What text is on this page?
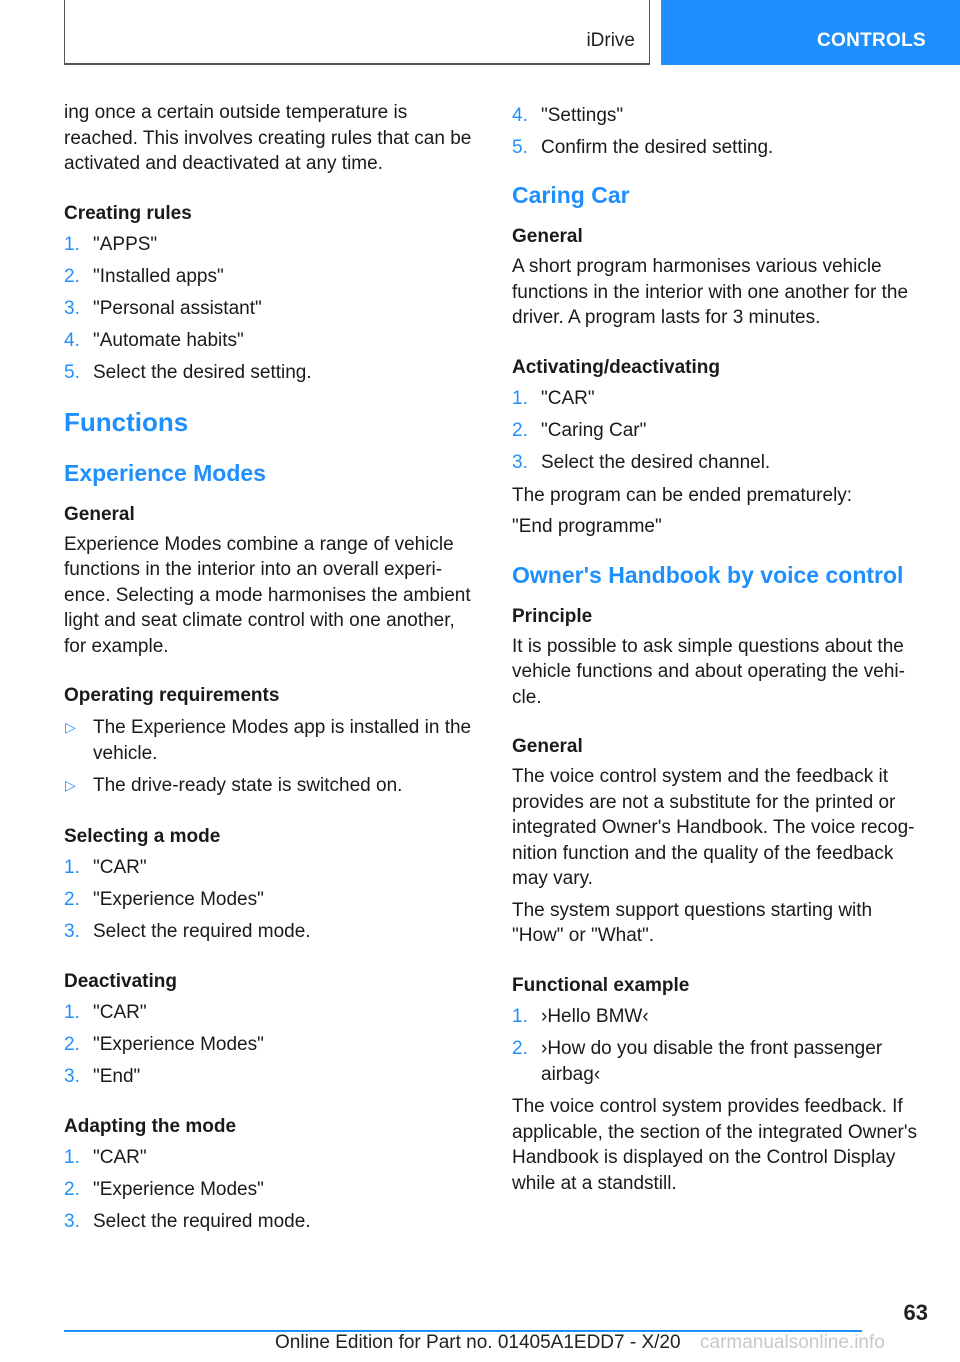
iDrive	CONTROLS

ing once a certain outside temperature is reached. This involves creating rules that can be activated and deactivated at any time.

Creating rules
1. "APPS"
2. "Installed apps"
3. "Personal assistant"
4. "Automate habits"
5. Select the desired setting.
Functions
Experience Modes
General

Experience Modes combine a range of vehicle functions in the interior into an overall experi-ence. Selecting a mode harmonises the ambient light and seat climate control with one another, for example.

Operating requirements
▷ The Experience Modes app is installed in the vehicle.
▷ The drive-ready state is switched on.
Selecting a mode
1. "CAR"
2. "Experience Modes"
3. Select the required mode.
Deactivating
1. "CAR"
2. "Experience Modes"
3. "End"
Adapting the mode
1. "CAR"
2. "Experience Modes"
3. Select the required mode.
4. "Settings"
5. Confirm the desired setting.
Caring Car
General

A short program harmonises various vehicle functions in the interior with one another for the driver. A program lasts for 3 minutes.

Activating/deactivating
1. "CAR"
2. "Caring Car"
3. Select the desired channel.

The program can be ended prematurely:

"End programme"

Owner's Handbook by voice control
Principle

It is possible to ask simple questions about the vehicle functions and about operating the vehi-cle.

General

The voice control system and the feedback it provides are not a substitute for the printed or integrated Owner's Handbook. The voice recog-nition function and the quality of the feedback may vary.

The system support questions starting with "How" or "What".

Functional example
1. ›Hello BMW‹
2. ›How do you disable the front passenger airbag‹

The voice control system provides feedback. If applicable, the section of the integrated Owner's Handbook is displayed on the Control Display while at a standstill.

63
Online Edition for Part no. 01405A1EDD7 - X/20 carmanualsonline.info
